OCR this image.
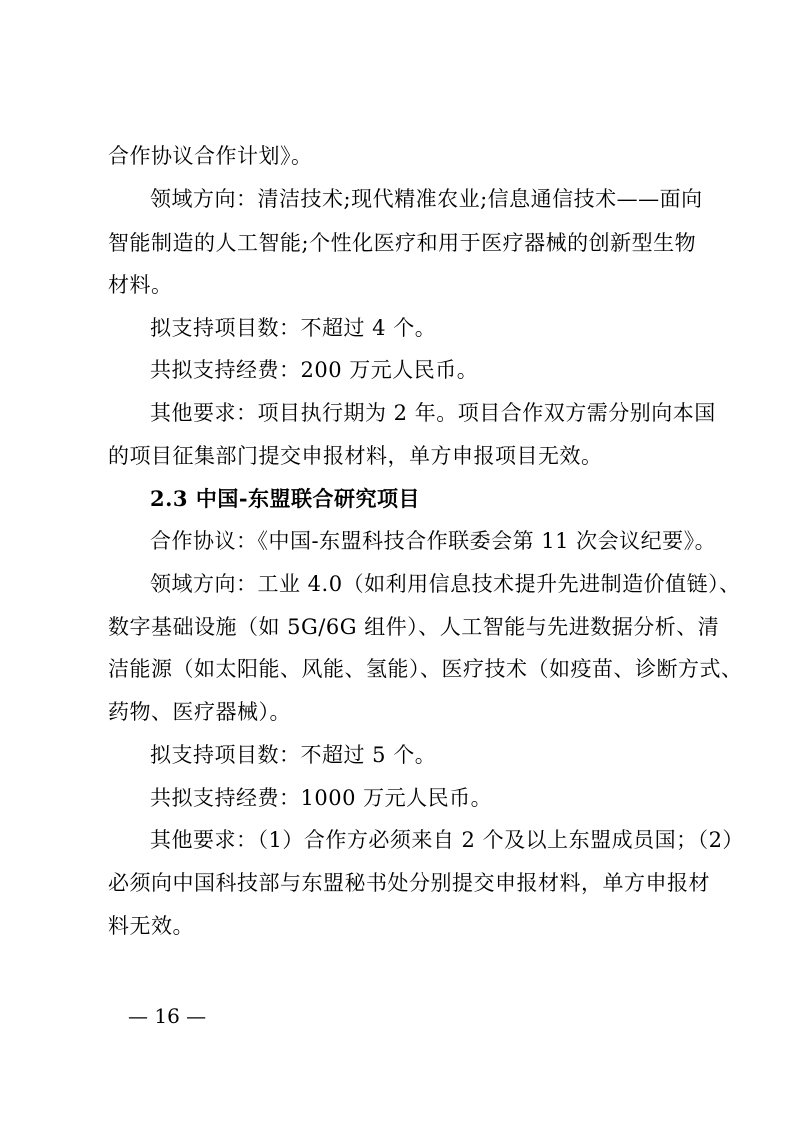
合作协议合作计划》。
领域方向：清洁技术;现代精准农业;信息通信技术——面向
智能制造的人工智能;个性化医疗和用于医疗器械的创新型生物
材料。
拟支持项目数：不超过 4 个。
共拟支持经费：200 万元人民币。
其他要求：项目执行期为 2 年。项目合作双方需分别向本国
的项目征集部门提交申报材料，单方申报项目无效。
2.3 中国-东盟联合研究项目
合作协议：《中国-东盟科技合作联委会第 11 次会议纪要》。
领域方向：工业 4.0（如利用信息技术提升先进制造价值链）、
数字基础设施（如 5G/6G 组件）、人工智能与先进数据分析、清
洁能源（如太阳能、风能、氢能）、医疗技术（如疫苗、诊断方式、
药物、医疗器械）。
拟支持项目数：不超过 5 个。
共拟支持经费：1000 万元人民币。
其他要求：（1）合作方必须来自 2 个及以上东盟成员国；（2）
必须向中国科技部与东盟秘书处分别提交申报材料，单方申报材
料无效。
— 16 —
